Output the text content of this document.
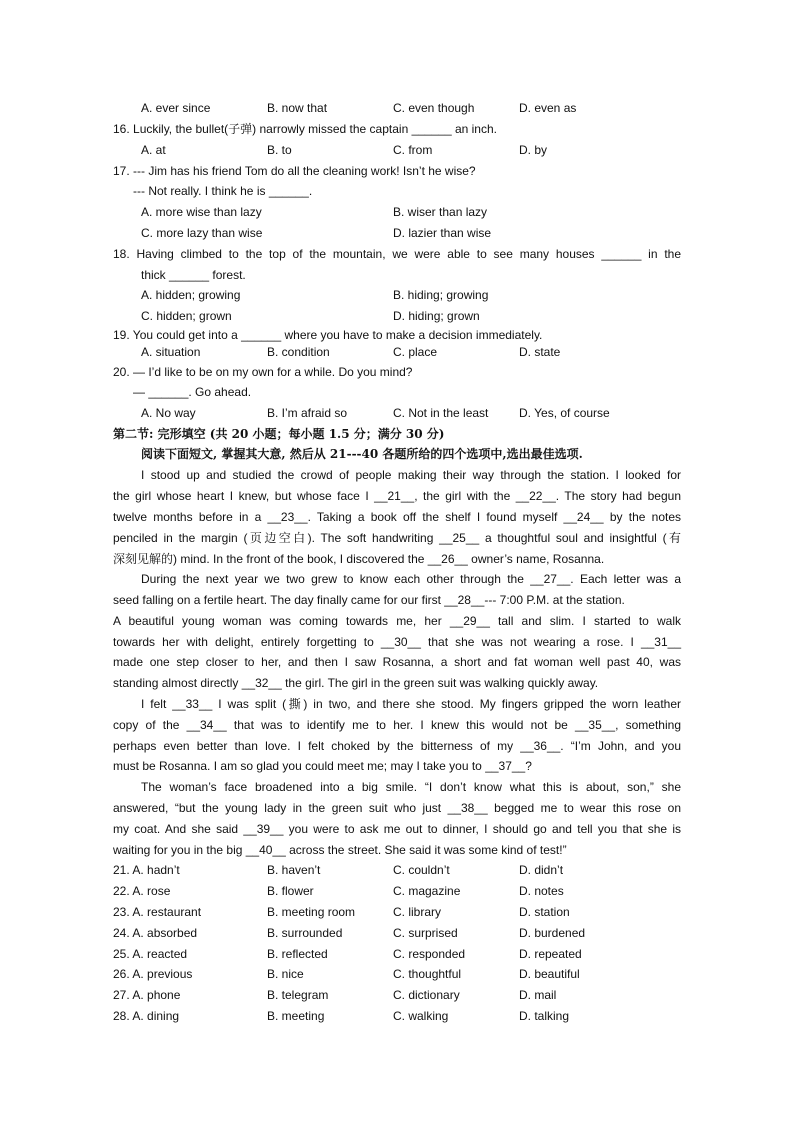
A. ever since	B. now that	C. even though	D. even as
16. Luckily, the bullet(子弹) narrowly missed the captain ______ an inch.
A. at	B. to	C. from	D. by
17. --- Jim has his friend Tom do all the cleaning work! Isn’t he wise?
--- Not really. I think he is ______.
A. more wise than lazy	B. wiser than lazy
C. more lazy than wise	D. lazier than wise
18. Having climbed to the top of the mountain, we were able to see many houses ______ in the
thick ______ forest.
A. hidden; growing	B. hiding; growing
C. hidden; grown	D. hiding; grown
19. You could get into a ______ where you have to make a decision immediately.
A. situation	B. condition	C. place	D. state
20. — I’d like to be on my own for a while. Do you mind?
— ______. Go ahead.
A. No way	B. I’m afraid so	C. Not in the least	D. Yes, of course
第二节: 完形填空 (共 20 小题；每小题 1.5 分；满分 30 分)
阅读下面短文, 掌握其大意, 然后从 21---40 各题所给的四个选项中,选出最佳选项.
I stood up and studied the crowd of people making their way through the station. I looked for
the girl whose heart I knew, but whose face I __21__, the girl with the __22__. The story had begun
twelve months before in a __23__. Taking a book off the shelf I found myself __24__ by the notes
penciled in the margin (页边空白). The soft handwriting __25__ a thoughtful soul and insightful (有
深刻见解的) mind. In the front of the book, I discovered the __26__ owner’s name, Rosanna.
During the next year we two grew to know each other through the __27__. Each letter was a
seed falling on a fertile heart. The day finally came for our first __28__--- 7:00 P.M. at the station.
A beautiful young woman was coming towards me, her __29__ tall and slim. I started to walk
towards her with delight, entirely forgetting to __30__ that she was not wearing a rose. I __31__
made one step closer to her, and then I saw Rosanna, a short and fat woman well past 40, was
standing almost directly __32__ the girl. The girl in the green suit was walking quickly away.
I felt __33__ I was split (撕) in two, and there she stood. My fingers gripped the worn leather
copy of the __34__ that was to identify me to her. I knew this would not be __35__, something
perhaps even better than love. I felt choked by the bitterness of my __36__. “I’m John, and you
must be Rosanna. I am so glad you could meet me; may I take you to __37__?
The woman’s face broadened into a big smile. “I don’t know what this is about, son,” she
answered, “but the young lady in the green suit who just __38__ begged me to wear this rose on
my coat. And she said __39__ you were to ask me out to dinner, I should go and tell you that she is
waiting for you in the big __40__ across the street. She said it was some kind of test!”
21. A. hadn’t	B. haven’t	C. couldn’t	D. didn’t
22. A. rose	B. flower	C. magazine	D. notes
23. A. restaurant	B. meeting room	C. library	D. station
24. A. absorbed	B. surrounded	C. surprised	D. burdened
25. A. reacted	B. reflected	C. responded	D. repeated
26. A. previous	B. nice	C. thoughtful	D. beautiful
27. A. phone	B. telegram	C. dictionary	D. mail
28. A. dining	B. meeting	C. walking	D. talking
